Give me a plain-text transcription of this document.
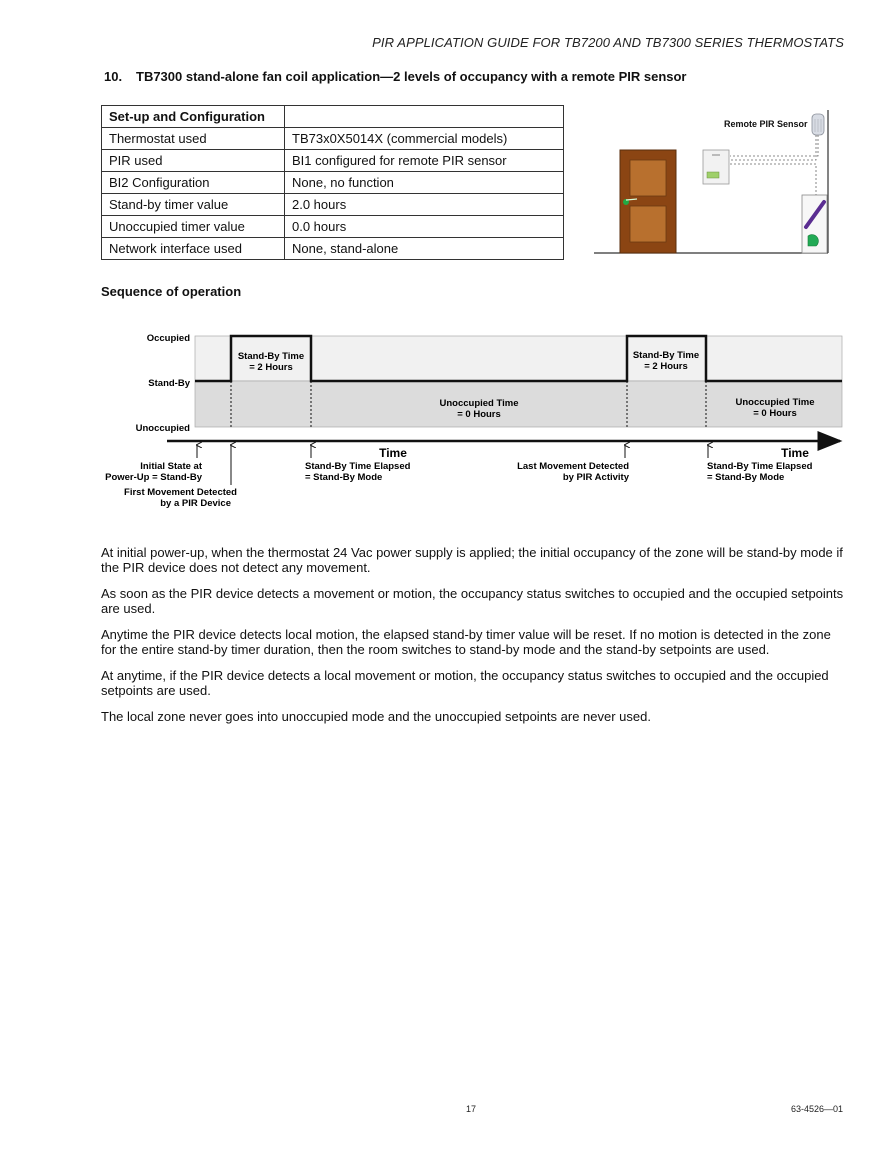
PIR APPLICATION GUIDE FOR TB7200 AND TB7300 SERIES THERMOSTATS
10. TB7300 stand-alone fan coil application—2 levels of occupancy with a remote PIR sensor
Set-up and Configuration	
Thermostat used	TB73x0X5014X (commercial models)
PIR used	BI1 configured for remote PIR sensor
BI2 Configuration	None, no function
Stand-by timer value	2.0 hours
Unoccupied timer value	0.0 hours
Network interface used	None, stand-alone
Remote PIR Sensor
Sequence of operation
Occupied
Stand-By
Unoccupied
Stand-By Time
= 2 Hours
Stand-By Time
= 2 Hours
Unoccupied Time
= 0 Hours
Unoccupied Time
= 0 Hours
Time	Time
Initial State at
Power-Up = Stand-By
First Movement Detected
by a PIR Device
Stand-By Time Elapsed
= Stand-By Mode
Last Movement Detected
by PIR Activity
Stand-By Time Elapsed
= Stand-By Mode

At initial power-up, when the thermostat 24 Vac power supply is applied; the initial occupancy of the zone will be stand-by mode if the PIR device does not detect any movement.

As soon as the PIR device detects a movement or motion, the occupancy status switches to occupied and the occupied setpoints are used.

Anytime the PIR device detects local motion, the elapsed stand-by timer value will be reset. If no motion is detected in the zone for the entire stand-by timer duration, then the room switches to stand-by mode and the stand-by setpoints are used.

At anytime, if the PIR device detects a local movement or motion, the occupancy status switches to occupied and the occupied setpoints are used.

The local zone never goes into unoccupied mode and the unoccupied setpoints are never used.

17	63-4526—01
